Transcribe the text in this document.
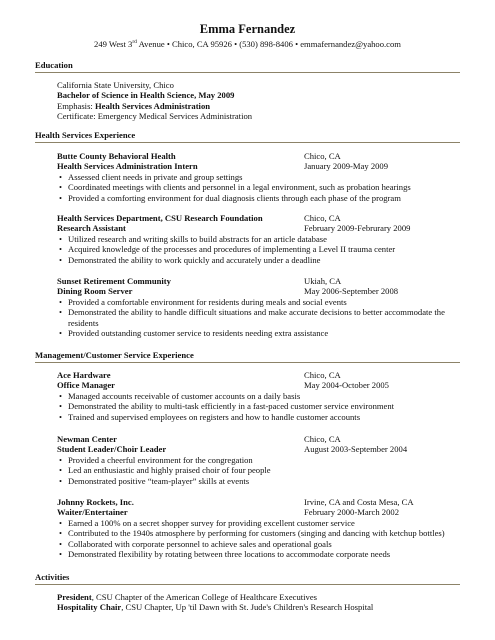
Emma Fernandez
249 West 3rd Avenue • Chico, CA 95926 • (530) 898-8406 • emmafernandez@yahoo.com
Education
California State University, Chico
Bachelor of Science in Health Science, May 2009
Emphasis: Health Services Administration
Certificate: Emergency Medical Services Administration
Health Services Experience
Butte County Behavioral Health	Chico, CA
Health Services Administration Intern	January 2009-May 2009
• Assessed client needs in private and group settings
• Coordinated meetings with clients and personnel in a legal environment, such as probation hearings
• Provided a comforting environment for dual diagnosis clients through each phase of the program
Health Services Department, CSU Research Foundation	Chico, CA
Research Assistant	February 2009-Februrary 2009
• Utilized research and writing skills to build abstracts for an article database
• Acquired knowledge of the processes and procedures of implementing a Level II trauma center
• Demonstrated the ability to work quickly and accurately under a deadline
Sunset Retirement Community	Ukiah, CA
Dining Room Server	May 2006-September 2008
• Provided a comfortable environment for residents during meals and social events
• Demonstrated the ability to handle difficult situations and make accurate decisions to better accommodate the residents
• Provided outstanding customer service to residents needing extra assistance
Management/Customer Service Experience
Ace Hardware	Chico, CA
Office Manager	May 2004-October 2005
• Managed accounts receivable of customer accounts on a daily basis
• Demonstrated the ability to multi-task efficiently in a fast-paced customer service environment
• Trained and supervised employees on registers and how to handle customer accounts
Newman Center	Chico, CA
Student Leader/Choir Leader	August 2003-September 2004
• Provided a cheerful environment for the congregation
• Led an enthusiastic and highly praised choir of four people
• Demonstrated positive “team-player” skills at events
Johnny Rockets, Inc.	Irvine, CA and Costa Mesa, CA
Waiter/Entertainer	February 2000-March 2002
• Earned a 100% on a secret shopper survey for providing excellent customer service
• Contributed to the 1940s atmosphere by performing for customers (singing and dancing with ketchup bottles)
• Collaborated with corporate personnel to achieve sales and operational goals
• Demonstrated flexibility by rotating between three locations to accommodate corporate needs
Activities
President, CSU Chapter of the American College of Healthcare Executives
Hospitality Chair, CSU Chapter, Up 'til Dawn with St. Jude's Children's Research Hospital
